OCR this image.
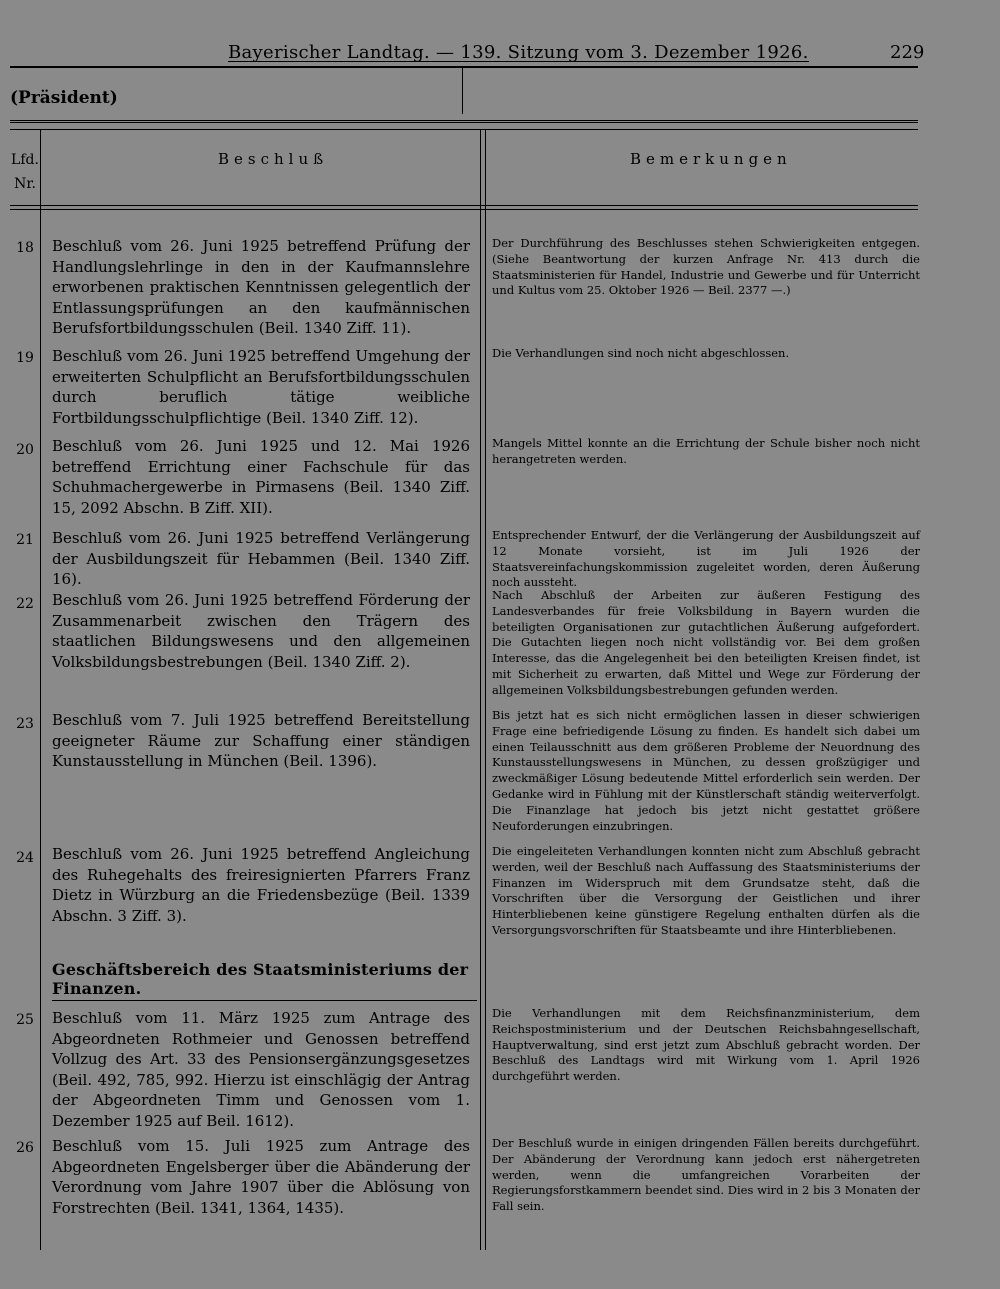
Bayerischer Landtag. — 139. Sitzung vom 3. Dezember 1926.	229
(Präsident)
Lfd. Nr.
Beschluß	Bemerkungen
18	Beschluß vom 26. Juni 1925 betreffend Prüfung der Handlungslehrlinge in den in der Kaufmannslehre erworbenen praktischen Kenntnissen gelegentlich der Entlassungsprüfungen an den kaufmännischen Berufsfortbildungsschulen (Beil. 1340 Ziff. 11).
Der Durchführung des Beschlusses stehen Schwierigkeiten entgegen. (Siehe Beantwortung der kurzen Anfrage Nr. 413 durch die Staatsministerien für Handel, Industrie und Gewerbe und für Unterricht und Kultus vom 25. Oktober 1926 — Beil. 2377 —.)
19	Beschluß vom 26. Juni 1925 betreffend Umgehung der erweiterten Schulpflicht an Berufsfortbildungsschulen durch beruflich tätige weibliche Fortbildungsschulpflichtige (Beil. 1340 Ziff. 12).
Die Verhandlungen sind noch nicht abgeschlossen.
20	Beschluß vom 26. Juni 1925 und 12. Mai 1926 betreffend Errichtung einer Fachschule für das Schuhmachergewerbe in Pirmasens (Beil. 1340 Ziff. 15, 2092 Abschn. B Ziff. XII).
Mangels Mittel konnte an die Errichtung der Schule bisher noch nicht herangetreten werden.
21	Beschluß vom 26. Juni 1925 betreffend Verlängerung der Ausbildungszeit für Hebammen (Beil. 1340 Ziff. 16).
Entsprechender Entwurf, der die Verlängerung der Ausbildungszeit auf 12 Monate vorsieht, ist im Juli 1926 der Staatsvereinfachungskommission zugeleitet worden, deren Äußerung noch aussteht.
22	Beschluß vom 26. Juni 1925 betreffend Förderung der Zusammenarbeit zwischen den Trägern des staatlichen Bildungswesens und den allgemeinen Volksbildungsbestrebungen (Beil. 1340 Ziff. 2).
Nach Abschluß der Arbeiten zur äußeren Festigung des Landesverbandes für freie Volksbildung in Bayern wurden die beteiligten Organisationen zur gutachtlichen Äußerung aufgefordert. Die Gutachten liegen noch nicht vollständig vor. Bei dem großen Interesse, das die Angelegenheit bei den beteiligten Kreisen findet, ist mit Sicherheit zu erwarten, daß Mittel und Wege zur Förderung der allgemeinen Volksbildungsbestrebungen gefunden werden.
23	Beschluß vom 7. Juli 1925 betreffend Bereitstellung geeigneter Räume zur Schaffung einer ständigen Kunstausstellung in München (Beil. 1396).
Bis jetzt hat es sich nicht ermöglichen lassen in dieser schwierigen Frage eine befriedigende Lösung zu finden. Es handelt sich dabei um einen Teilausschnitt aus dem größeren Probleme der Neuordnung des Kunstausstellungswesens in München, zu dessen großzügiger und zweckmäßiger Lösung bedeutende Mittel erforderlich sein werden. Der Gedanke wird in Fühlung mit der Künstlerschaft ständig weiterverfolgt. Die Finanzlage hat jedoch bis jetzt nicht gestattet größere Neuforderungen einzubringen.
24	Beschluß vom 26. Juni 1925 betreffend Angleichung des Ruhegehalts des freiresignierten Pfarrers Franz Dietz in Würzburg an die Friedensbezüge (Beil. 1339 Abschn. 3 Ziff. 3).
Die eingeleiteten Verhandlungen konnten nicht zum Abschluß gebracht werden, weil der Beschluß nach Auffassung des Staatsministeriums der Finanzen im Widerspruch mit dem Grundsatze steht, daß die Vorschriften über die Versorgung der Geistlichen und ihrer Hinterbliebenen keine günstigere Regelung enthalten dürfen als die Versorgungsvorschriften für Staatsbeamte und ihre Hinterbliebenen.
Geschäftsbereich des Staatsministeriums der Finanzen.
25	Beschluß vom 11. März 1925 zum Antrage des Abgeordneten Rothmeier und Genossen betreffend Vollzug des Art. 33 des Pensionsergänzungsgesetzes (Beil. 492, 785, 992. Hierzu ist einschlägig der Antrag der Abgeordneten Timm und Genossen vom 1. Dezember 1925 auf Beil. 1612).
Die Verhandlungen mit dem Reichsfinanzministerium, dem Reichspostministerium und der Deutschen Reichsbahngesellschaft, Hauptverwaltung, sind erst jetzt zum Abschluß gebracht worden. Der Beschluß des Landtags wird mit Wirkung vom 1. April 1926 durchgeführt werden.
26	Beschluß vom 15. Juli 1925 zum Antrage des Abgeordneten Engelsberger über die Abänderung der Verordnung vom Jahre 1907 über die Ablösung von Forstrechten (Beil. 1341, 1364, 1435).
Der Beschluß wurde in einigen dringenden Fällen bereits durchgeführt. Der Abänderung der Verordnung kann jedoch erst nähergetreten werden, wenn die umfangreichen Vorarbeiten der Regierungsforstkammern beendet sind. Dies wird in 2 bis 3 Monaten der Fall sein.
